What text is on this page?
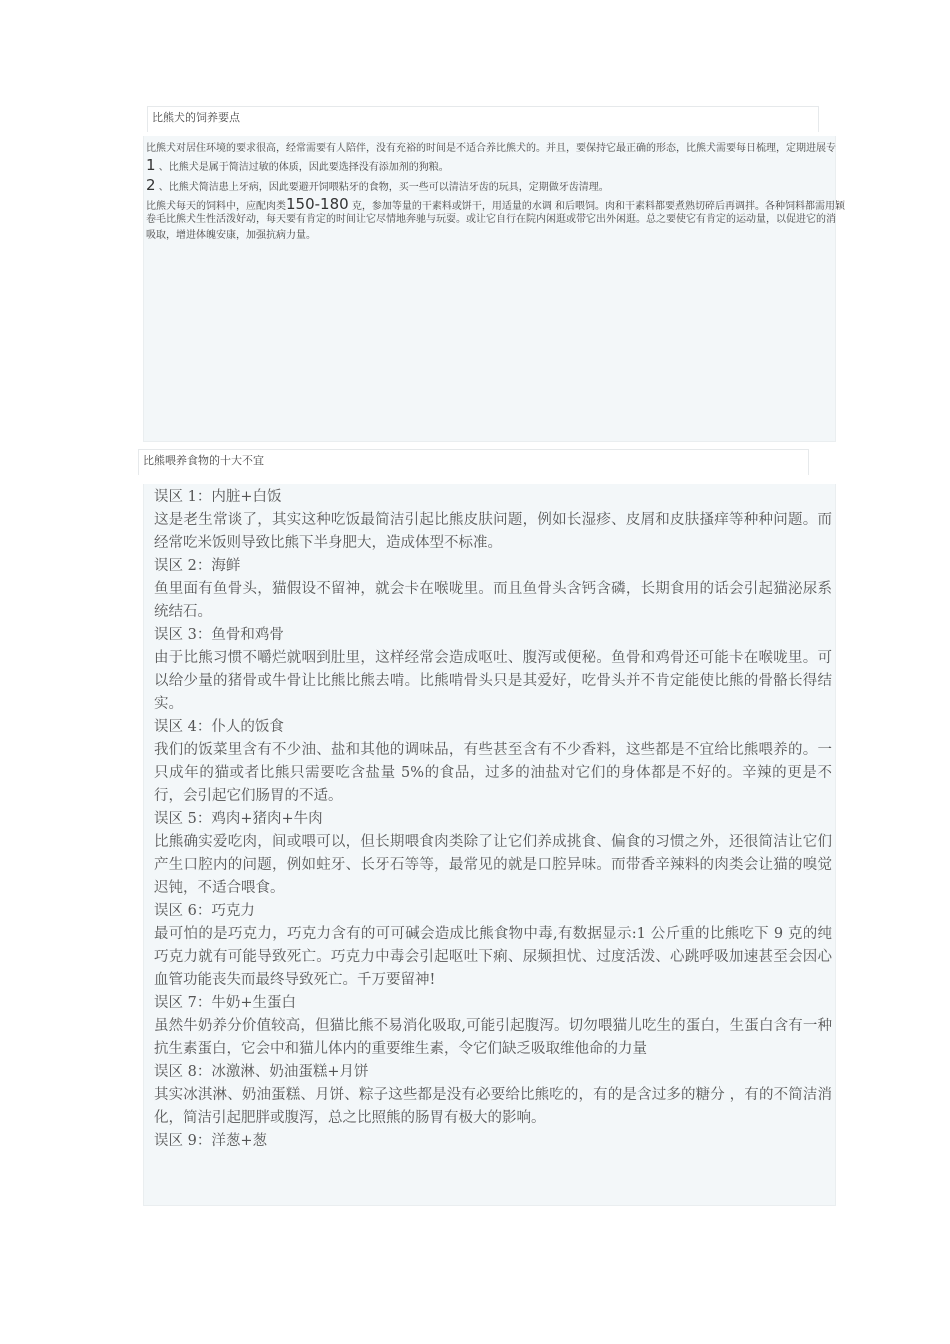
比熊犬的饲养要点
比熊犬对居住环境的要求很高，经常需要有人陪伴，没有充裕的时间是不适合养比熊犬的。并且，要保持它最正确的形态，比熊犬需要每日梳理，定期进展专
1 、比熊犬是属于简洁过敏的体质，因此要选择没有添加剂的狗粮。
2 、比熊犬简洁患上牙病，因此要避开饲喂粘牙的食物，买一些可以清洁牙齿的玩具，定期做牙齿清理。
比熊犬每天的饲料中，应配肉类150-180 克，参加等量的干素料或饼干，用适量的水调 和后喂饲。肉和干素料都要煮熟切碎后再调拌。各种饲料都需用颖
卷毛比熊犬生性活泼好动，每天要有肯定的时间让它尽情地奔驰与玩耍。或让它自行在院内闲逛或带它出外闲逛。总之要使它有肯定的运动量，以促进它的消
吸取，增进体魄安康，加强抗病力量。
比熊喂养食物的十大不宜

误区 1：内脏+白饭

这是老生常谈了，其实这种吃饭最简洁引起比熊皮肤问题，例如长湿疹、皮屑和皮肤搔痒等种种问题。而经常吃米饭则导致比熊下半身肥大，造成体型不标准。

误区 2：海鲜

鱼里面有鱼骨头，猫假设不留神，就会卡在喉咙里。而且鱼骨头含钙含磷，长期食用的话会引起猫泌尿系统结石。

误区 3：鱼骨和鸡骨

由于比熊习惯不嚼烂就咽到肚里，这样经常会造成呕吐、腹泻或便秘。鱼骨和鸡骨还可能卡在喉咙里。可以给少量的猪骨或牛骨让比熊比熊去啃。比熊啃骨头只是其爱好，吃骨头并不肯定能使比熊的骨骼长得结实。

误区 4：仆人的饭食

我们的饭菜里含有不少油、盐和其他的调味品，有些甚至含有不少香料，这些都是不宜给比熊喂养的。一只成年的猫或者比熊只需要吃含盐量 5%的食品，过多的油盐对它们的身体都是不好的。辛辣的更是不行，会引起它们肠胃的不适。

误区 5：鸡肉+猪肉+牛肉

比熊确实爱吃肉，间或喂可以，但长期喂食肉类除了让它们养成挑食、偏食的习惯之外，还很简洁让它们产生口腔内的问题，例如蛀牙、长牙石等等，最常见的就是口腔异味。而带香辛辣料的肉类会让猫的嗅觉迟钝，不适合喂食。

误区 6：巧克力

最可怕的是巧克力，巧克力含有的可可碱会造成比熊食物中毒,有数据显示:1 公斤重的比熊吃下 9 克的纯巧克力就有可能导致死亡。巧克力中毒会引起呕吐下痢、尿频担忧、过度活泼、心跳呼吸加速甚至会因心血管功能丧失而最终导致死亡。千万要留神!

误区 7：牛奶+生蛋白

虽然牛奶养分价值较高，但猫比熊不易消化吸取,可能引起腹泻。切勿喂猫儿吃生的蛋白，生蛋白含有一种抗生素蛋白，它会中和猫儿体内的重要维生素，令它们缺乏吸取维他命的力量

误区 8：冰激淋、奶油蛋糕+月饼

其实冰淇淋、奶油蛋糕、月饼、粽子这些都是没有必要给比熊吃的，有的是含过多的糖分 ，有的不简洁消化，简洁引起肥胖或腹泻，总之比照熊的肠胃有极大的影响。

误区 9：洋葱+葱
